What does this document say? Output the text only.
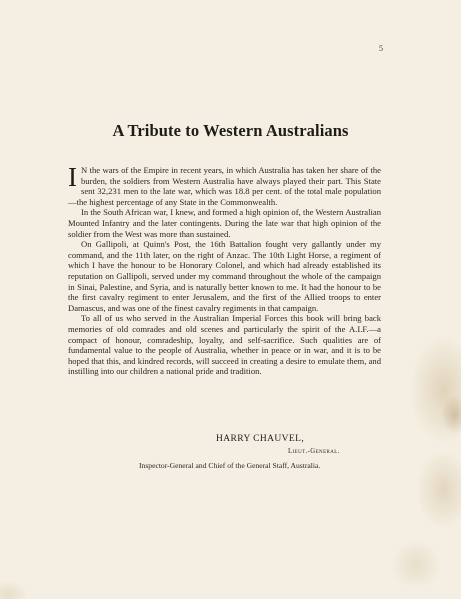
5
A Tribute to Western Australians

I N the wars of the Empire in recent years, in which Australia has taken her share of the burden, the soldiers from Western Australia have always played their part. This State sent 32,231 men to the late war, which was 18.8 per cent. of the total male population—the highest percentage of any State in the Commonwealth.

In the South African war, I knew, and formed a high opinion of, the Western Australian Mounted Infantry and the later contingents. During the late war that high opinion of the soldier from the West was more than sustained.

On Gallipoli, at Quinn's Post, the 16th Battalion fought very gallantly under my command, and the 11th later, on the right of Anzac. The 10th Light Horse, a regiment of which I have the honour to be Honorary Colonel, and which had already established its reputation on Gallipoli, served under my command throughout the whole of the campaign in Sinai, Palestine, and Syria, and is naturally better known to me. It had the honour to be the first cavalry regiment to enter Jerusalem, and the first of the Allied troops to enter Damascus, and was one of the finest cavalry regiments in that campaign.

To all of us who served in the Australian Imperial Forces this book will bring back memories of old comrades and old scenes and particularly the spirit of the A.I.F.—a compact of honour, comradeship, loyalty, and self-sacrifice. Such qualities are of fundamental value to the people of Australia, whether in peace or in war, and it is to be hoped that this, and kindred records, will succeed in creating a desire to emulate them, and instilling into our children a national pride and tradition.

HARRY CHAUVEL,
Lieut.-General.
Inspector-General and Chief of the General Staff, Australia.
